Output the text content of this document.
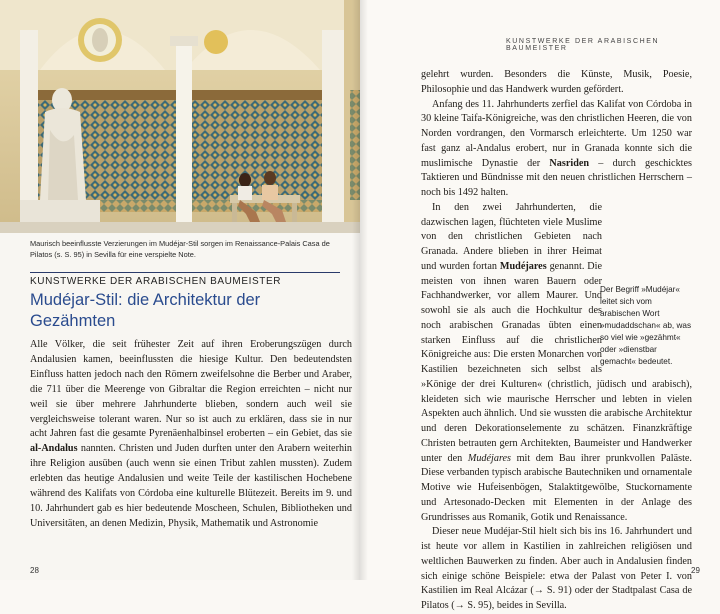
Maurisch beeinflusste Verzierungen im Mudéjar-Stil sorgen im Renaissance-Palais Casa de Pilatos (s. S. 95) in Sevilla für eine verspielte Note.
KUNSTWERKE DER ARABISCHEN BAUMEISTER
Mudéjar-Stil: die Architektur der Gezähmten

Alle Völker, die seit frühester Zeit auf ihren Eroberungszügen durch Andalusien kamen, beeinflussten die hiesige Kultur. Den bedeutendsten Einfluss hatten jedoch nach den Römern zweifelsohne die Berber und Araber, die 711 über die Meerenge von Gibraltar die Region erreichten – nicht nur weil sie über mehrere Jahrhunderte blieben, sondern auch weil sie vergleichsweise tolerant waren. Nur so ist auch zu erklären, dass sie in nur acht Jahren fast die gesamte Pyrenäenhalbinsel eroberten – ein Gebiet, das sie al-Andalus nannten. Christen und Juden durften unter den Arabern weiterhin ihre Religion ausüben (auch wenn sie einen Tribut zahlen mussten). Zudem erlebten das heutige Andalusien und weite Teile der kastilischen Hochebene während des Kalifats von Córdoba eine kulturelle Blütezeit. Bereits im 9. und 10. Jahrhundert gab es hier bedeutende Moscheen, Schulen, Bibliotheken und Universitäten, an denen Medizin, Physik, Mathematik und Astronomie

28
KUNSTWERKE DER ARABISCHEN BAUMEISTER

gelehrt wurden. Besonders die Künste, Musik, Poesie, Philosophie und das Handwerk wurden gefördert.

Anfang des 11. Jahrhunderts zerfiel das Kalifat von Córdoba in 30 kleine Taifa-Königreiche, was den christlichen Heeren, die von Norden vordrangen, den Vormarsch erleichterte. Um 1250 war fast ganz al-Andalus erobert, nur in Granada konnte sich die muslimische Dynastie der Nasriden – durch geschicktes Taktieren und Bündnisse mit den neuen christlichen Herrschern – noch bis 1492 halten.

In den zwei Jahrhunderten, die dazwischen lagen, flüchteten viele Muslime von den christlichen Gebieten nach Granada. Andere blieben in ihrer Heimat und wurden fortan Mudéjares genannt. Die meisten von ihnen waren Bauern oder Fachhandwerker, vor allem Maurer. Und sowohl sie als auch die Hochkultur des noch arabischen Granadas übten einen starken Einfluss auf die christlichen Königreiche aus: Die ersten Monarchen von Kastilien bezeichneten sich selbst als »Könige der drei Kulturen« (christlich, jüdisch und arabisch), kleideten sich wie maurische Herrscher und lebten in vielen Aspekten auch ähnlich. Und sie wussten die arabische Architektur und deren Dekorationselemente zu schätzen. Finanzkräftige Christen betrauten gern Architekten, Baumeister und Handwerker unter den Mudéjares mit dem Bau ihrer prunkvollen Paläste. Diese verbanden typisch arabische Bautechniken und ornamentale Motive wie Hufeisenbögen, Stalaktitgewölbe, Stuckornamente und Artesonado-Decken mit Elementen in der Anlage des Grundrisses aus Romanik, Gotik und Renaissance.

Dieser neue Mudéjar-Stil hielt sich bis ins 16. Jahrhundert und ist heute vor allem in Kastilien in zahlreichen religiösen und weltlichen Bauwerken zu finden. Aber auch in Andalusien finden sich einige schöne Beispiele: etwa der Palast von Peter I. von Kastilien im Real Alcázar (→ S. 91) oder der Stadtpalast Casa de Pilatos (→ S. 95), beides in Sevilla.

Der Begriff »Mudéjar« leitet sich vom arabischen Wort »mudaddschan« ab, was so viel wie »gezähmt« oder »dienstbar gemacht« bedeutet.
29
